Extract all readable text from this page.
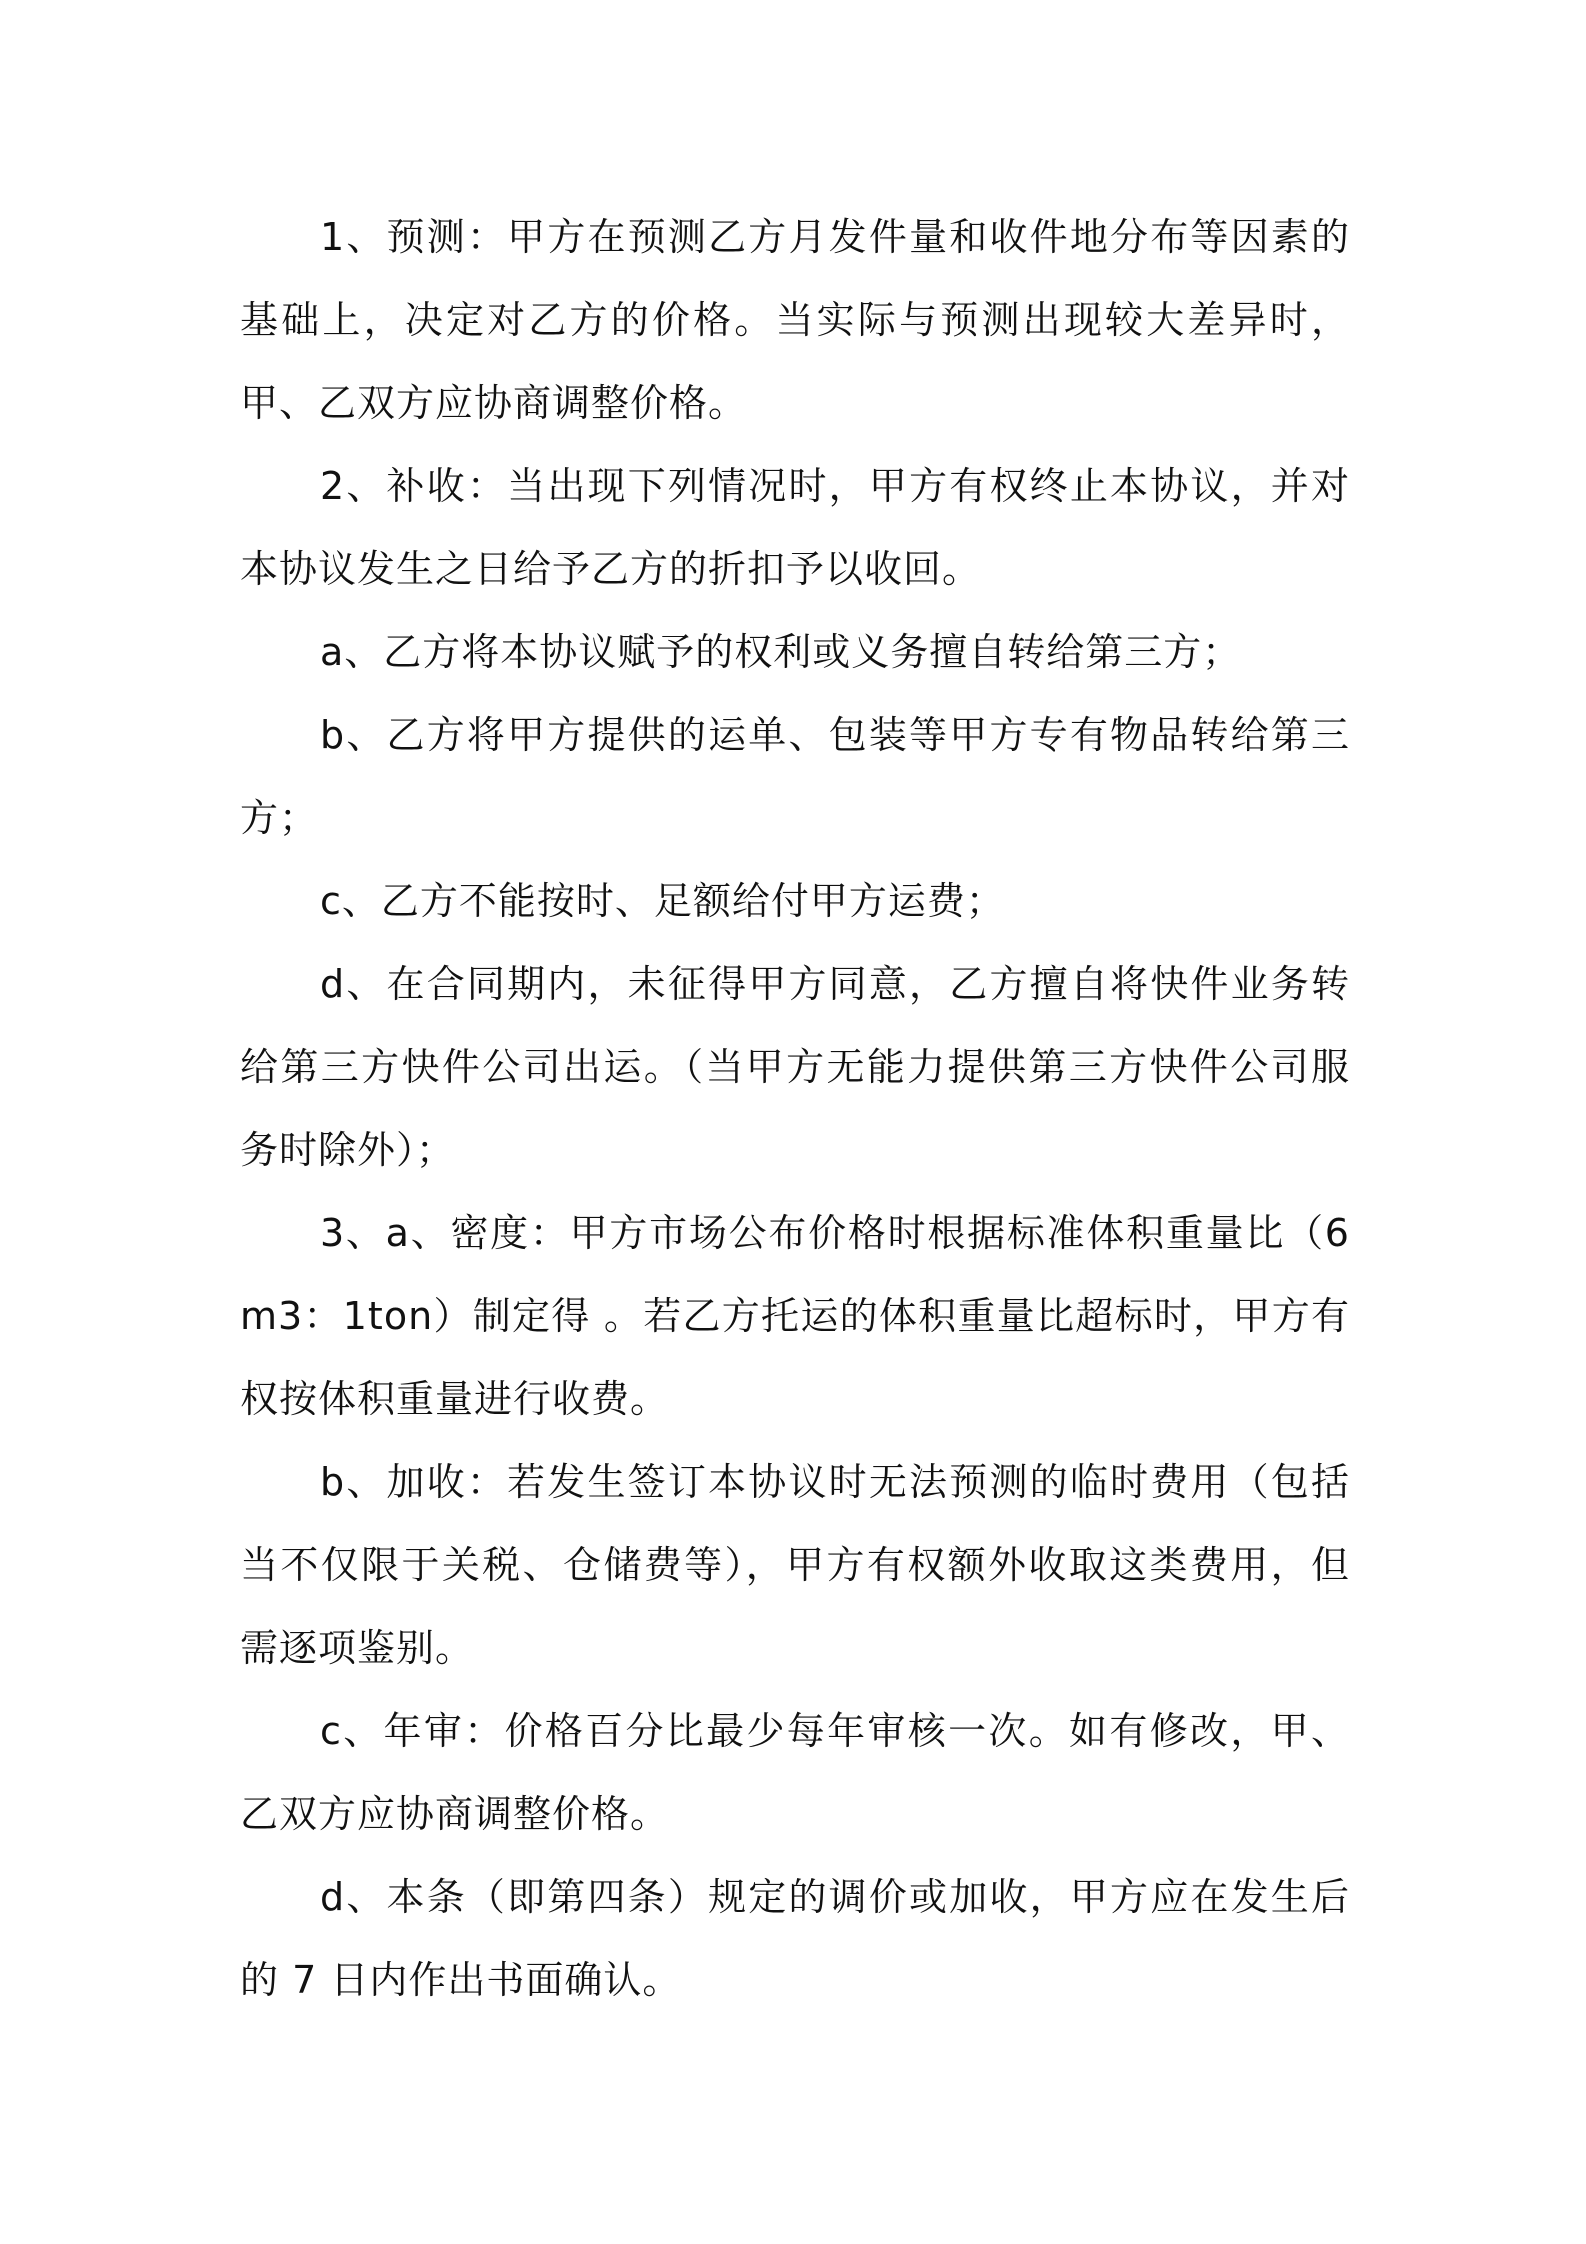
1、预测：甲方在预测乙方月发件量和收件地分布等因素的基础上，决定对乙方的价格。当实际与预测出现较大差异时，甲、乙双方应协商调整价格。

2、补收：当出现下列情况时，甲方有权终止本协议，并对本协议发生之日给予乙方的折扣予以收回。

a、乙方将本协议赋予的权利或义务擅自转给第三方；

b、乙方将甲方提供的运单、包装等甲方专有物品转给第三方；

c、乙方不能按时、足额给付甲方运费；

d、在合同期内，未征得甲方同意，乙方擅自将快件业务转给第三方快件公司出运。（当甲方无能力提供第三方快件公司服务时除外）；

3、a、密度：甲方市场公布价格时根据标准体积重量比（6m3：1ton）制定得 。若乙方托运的体积重量比超标时，甲方有权按体积重量进行收费。

b、加收：若发生签订本协议时无法预测的临时费用（包括当不仅限于关税、仓储费等），甲方有权额外收取这类费用，但需逐项鉴别。

c、年审：价格百分比最少每年审核一次。如有修改，甲、乙双方应协商调整价格。

d、本条（即第四条）规定的调价或加收，甲方应在发生后的 7 日内作出书面确认。
